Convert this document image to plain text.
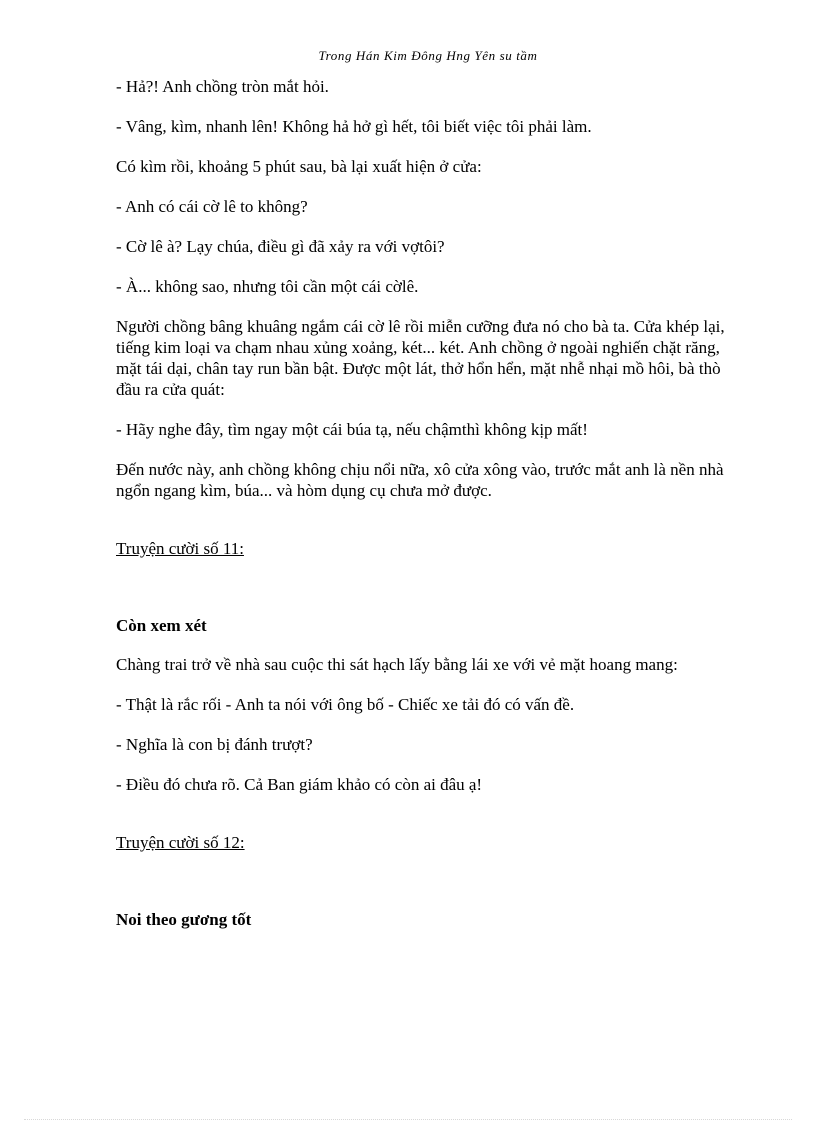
Trong Hán Kim Đông Hng Yên su tầm

- Hả?! Anh chồng tròn mắt hỏi.

- Vâng, kìm, nhanh lên! Không hả hở gì hết, tôi biết việc tôi phải làm.

Có kìm rồi, khoảng 5 phút sau, bà lại xuất hiện ở cửa:

- Anh có cái cờ lê to không?

- Cờ lê à? Lạy chúa, điều gì đã xảy ra với vợtôi?

- À... không sao, nhưng tôi cần một cái cờlê.

Người chồng bâng khuâng ngắm cái cờ lê rồi miễn cưỡng đưa nó cho bà ta. Cửa khép lại, tiếng kim loại va chạm nhau xủng xoảng, két... két. Anh chồng ở ngoài nghiến chặt răng, mặt tái dại, chân tay run bần bật. Được một lát, thở hổn hển, mặt nhễ nhại mồ hôi, bà thò đầu ra cửa quát:

- Hãy nghe đây, tìm ngay một cái búa tạ, nếu chậmthì không kịp mất!

Đến nước này, anh chồng không chịu nổi nữa, xô cửa xông vào, trước mắt anh là nền nhà ngổn ngang kìm, búa... và hòm dụng cụ chưa mở được.

Truyện cười số 11:

Còn xem xét

Chàng trai trở về nhà sau cuộc thi sát hạch lấy bằng lái xe với vẻ mặt hoang mang:

- Thật là rắc rối - Anh ta nói với ông bố - Chiếc xe tải đó có vấn đề.

- Nghĩa là con bị đánh trượt?

- Điều đó chưa rõ. Cả Ban giám khảo có còn ai đâu ạ!

Truyện cười số 12:

Noi theo gương tốt
